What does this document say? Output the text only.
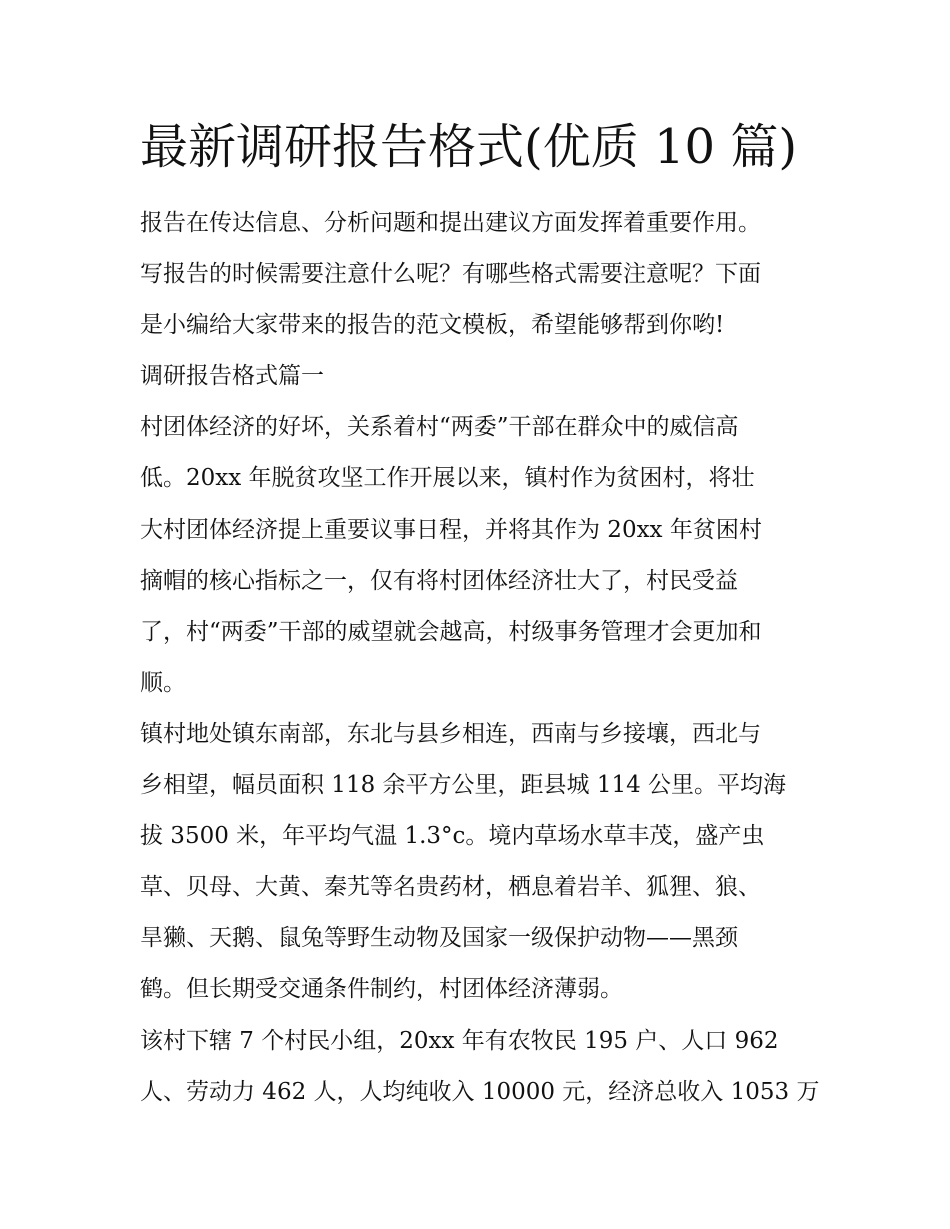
最新调研报告格式(优质 10 篇)
报告在传达信息、分析问题和提出建议方面发挥着重要作用。
写报告的时候需要注意什么呢？有哪些格式需要注意呢？下面
是小编给大家带来的报告的范文模板，希望能够帮到你哟!
调研报告格式篇一
村团体经济的好坏，关系着村“两委”干部在群众中的威信高
低。20xx 年脱贫攻坚工作开展以来，镇村作为贫困村，将壮
大村团体经济提上重要议事日程，并将其作为 20xx 年贫困村
摘帽的核心指标之一，仅有将村团体经济壮大了，村民受益
了，村“两委”干部的威望就会越高，村级事务管理才会更加和
顺。
镇村地处镇东南部，东北与县乡相连，西南与乡接壤，西北与
乡相望，幅员面积 118 余平方公里，距县城 114 公里。平均海
拔 3500 米，年平均气温 1.3°c。境内草场水草丰茂，盛产虫
草、贝母、大黄、秦艽等名贵药材，栖息着岩羊、狐狸、狼、
旱獭、天鹅、鼠兔等野生动物及国家一级保护动物——黑颈
鹤。但长期受交通条件制约，村团体经济薄弱。
该村下辖 7 个村民小组，20xx 年有农牧民 195 户、人口 962
人、劳动力 462 人，人均纯收入 10000 元，经济总收入 1053 万
